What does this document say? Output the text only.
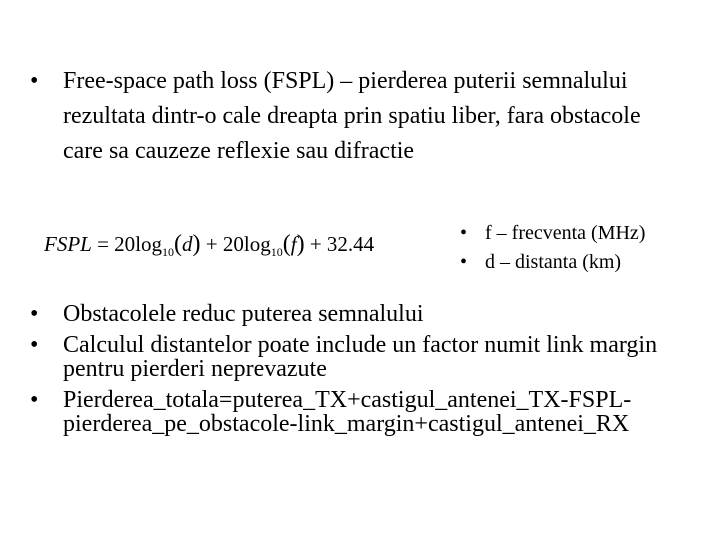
• Free-space path loss (FSPL) – pierderea puterii semnalului rezultata dintr-o cale dreapta prin spatiu liber, fara obstacole care sa cauzeze reflexie sau difractie
FSPL = $20\log_{10}(d) + 20\log_{10}(f) + 32.44$	• f – frecventa (MHz)
• d – distanta (km)
• Obstacolele reduc puterea semnalului
• Calculul distantelor poate include un factor numit link margin pentru pierderi neprevazute
• Pierderea_totala=puterea_TX+castigul_antenei_TX-FSPL-pierderea_pe_obstacole-link_margin+castigul_antenei_RX
